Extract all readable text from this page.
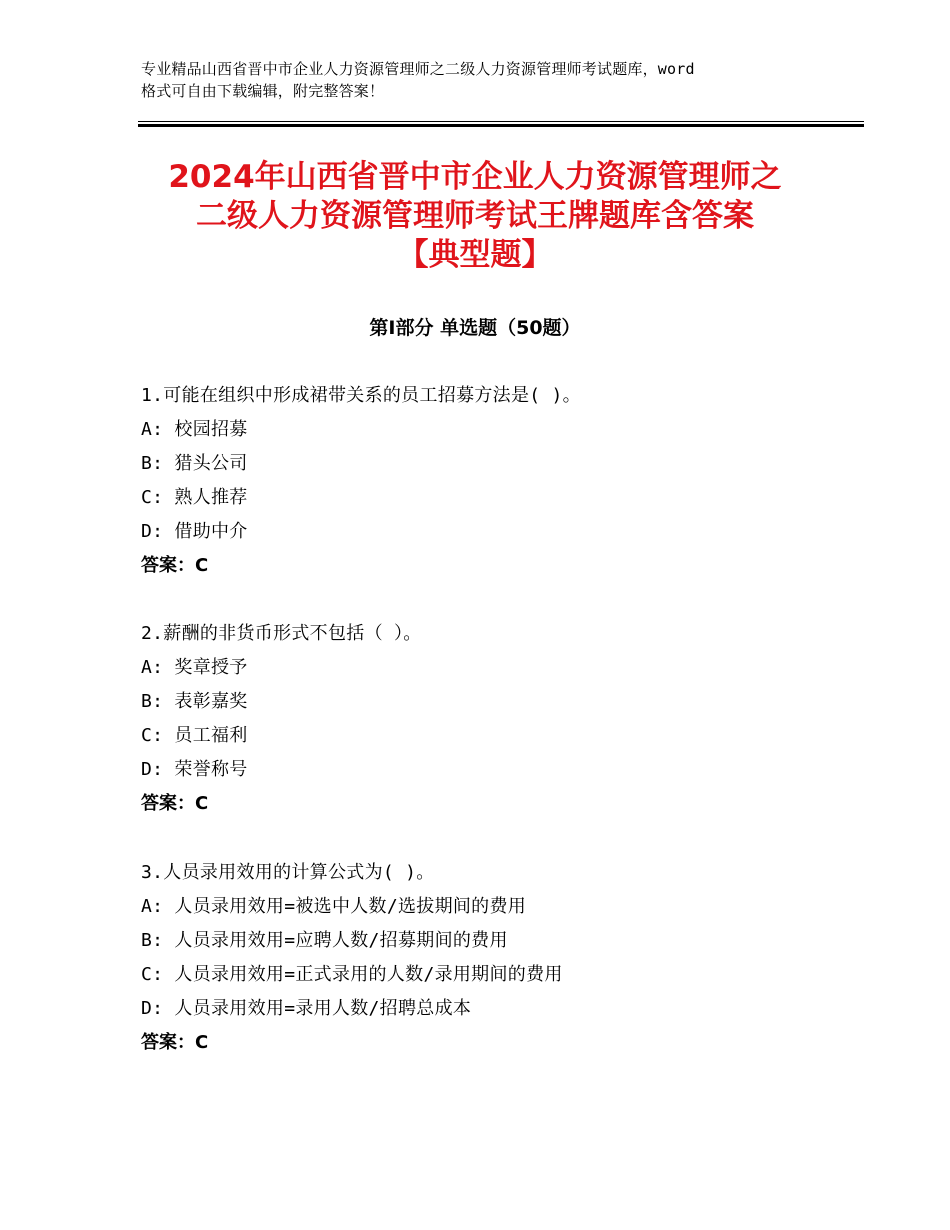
专业精品山西省晋中市企业人力资源管理师之二级人力资源管理师考试题库，word
格式可自由下载编辑，附完整答案！
2024年山西省晋中市企业人力资源管理师之
二级人力资源管理师考试王牌题库含答案
【典型题】
第Ⅰ部分 单选题（50题）
1.可能在组织中形成裙带关系的员工招募方法是( )。
A: 校园招募
B: 猎头公司
C: 熟人推荐
D: 借助中介
答案：C
2.薪酬的非货币形式不包括（ ）。
A: 奖章授予
B: 表彰嘉奖
C: 员工福利
D: 荣誉称号
答案：C
3.人员录用效用的计算公式为( )。
A: 人员录用效用=被选中人数/选拔期间的费用
B: 人员录用效用=应聘人数/招募期间的费用
C: 人员录用效用=正式录用的人数/录用期间的费用
D: 人员录用效用=录用人数/招聘总成本
答案：C
